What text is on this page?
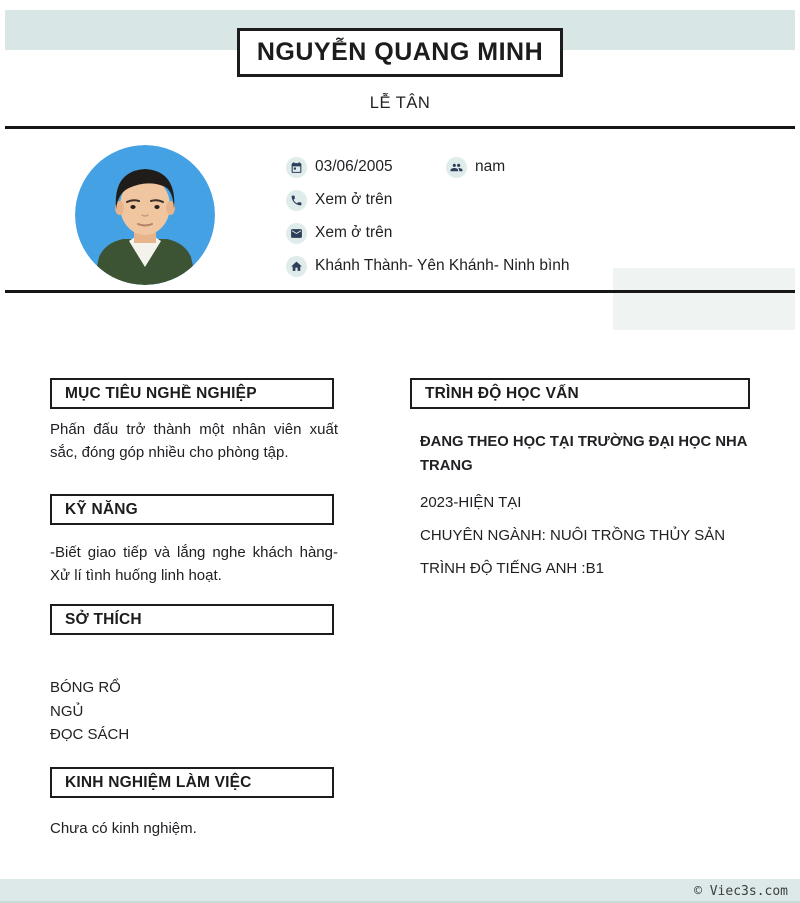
NGUYỄN QUANG MINH
LỄ TÂN
03/06/2005	nam
Xem ở trên
Xem ở trên
Khánh Thành- Yên Khánh- Ninh bình
MỤC TIÊU NGHỀ NGHIỆP
Phấn đấu trở thành một nhân viên xuất sắc, đóng góp nhiều cho phòng tập.
KỸ NĂNG
-Biết giao tiếp và lắng nghe khách hàng-Xử lí tình huống linh hoạt.
SỞ THÍCH
BÓNG RỔ
NGỦ
ĐỌC SÁCH
KINH NGHIỆM LÀM VIỆC
Chưa có kinh nghiệm.
TRÌNH ĐỘ HỌC VẤN
ĐANG THEO HỌC TẠI TRƯỜNG ĐẠI HỌC NHA TRANG
2023-HIỆN TẠI
CHUYÊN NGÀNH: NUÔI TRỒNG THỦY SẢN
TRÌNH ĐỘ TIẾNG ANH :B1
© Viec3s.com
